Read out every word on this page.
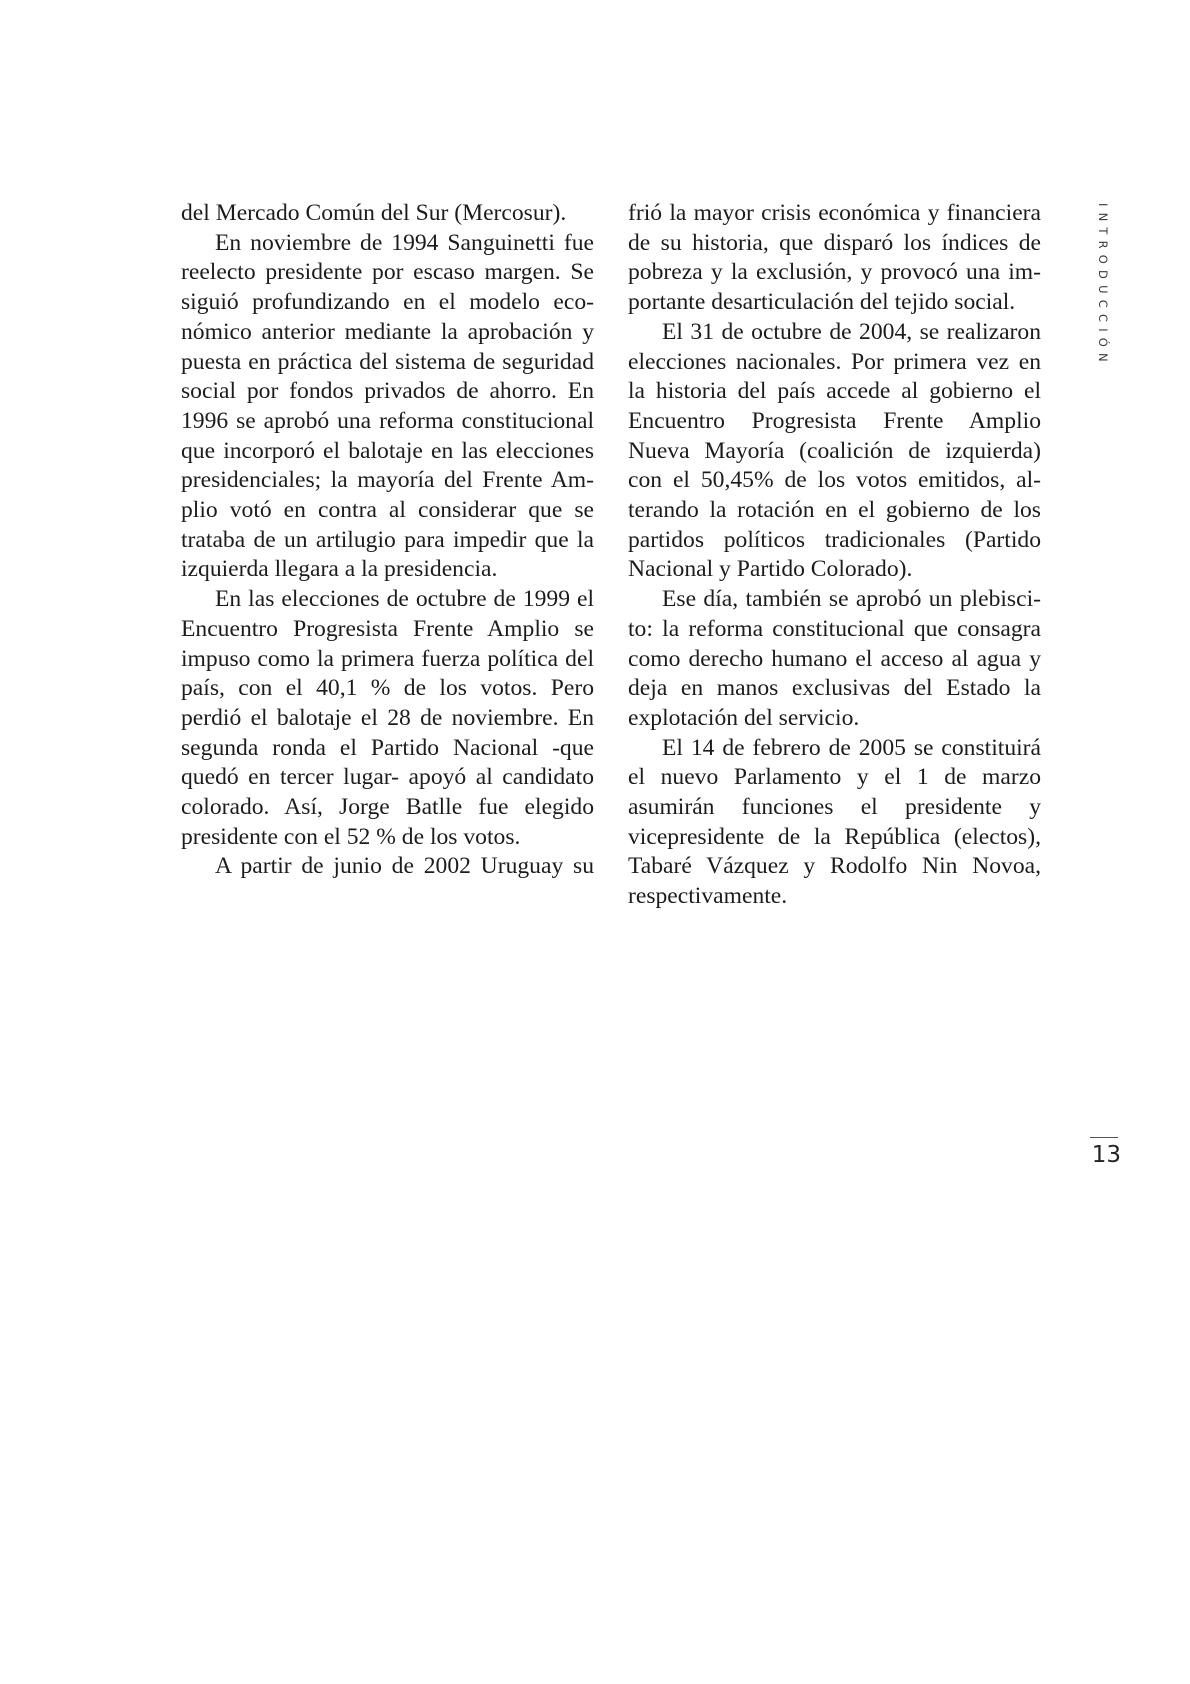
del Mercado Común del Sur (Mercosur).

En noviembre de 1994 Sanguinetti fue reelecto presidente por escaso margen. Se siguió profundizando en el modelo económico anterior mediante la aprobación y puesta en práctica del sistema de seguridad social por fondos privados de ahorro. En 1996 se aprobó una reforma constitucional que incorporó el balotaje en las elecciones presidenciales; la mayoría del Frente Amplio votó en contra al considerar que se trataba de un artilugio para impedir que la izquierda llegara a la presidencia.

En las elecciones de octubre de 1999 el Encuentro Progresista Frente Amplio se impuso como la primera fuerza política del país, con el 40,1 % de los votos. Pero perdió el balotaje el 28 de noviembre. En segunda ronda el Partido Nacional -que quedó en tercer lugar- apoyó al candidato colorado. Así, Jorge Batlle fue elegido presidente con el 52 % de los votos.

A partir de junio de 2002 Uruguay su

frió la mayor crisis económica y financiera de su historia, que disparó los índices de pobreza y la exclusión, y provocó una importante desarticulación del tejido social.

El 31 de octubre de 2004, se realizaron elecciones nacionales. Por primera vez en la historia del país accede al gobierno el Encuentro Progresista Frente Amplio Nueva Mayoría (coalición de izquierda) con el 50,45% de los votos emitidos, alterando la rotación en el gobierno de los partidos políticos tradicionales (Partido Nacional y Partido Colorado).

Ese día, también se aprobó un plebiscito: la reforma constitucional que consagra como derecho humano el acceso al agua y deja en manos exclusivas del Estado la explotación del servicio.

El 14 de febrero de 2005 se constituirá el nuevo Parlamento y el 1 de marzo asumirán funciones el presidente y vicepresidente de la República (electos), Tabaré Vázquez y Rodolfo Nin Novoa, respectivamente.

INTRODUCCIÓN
13
